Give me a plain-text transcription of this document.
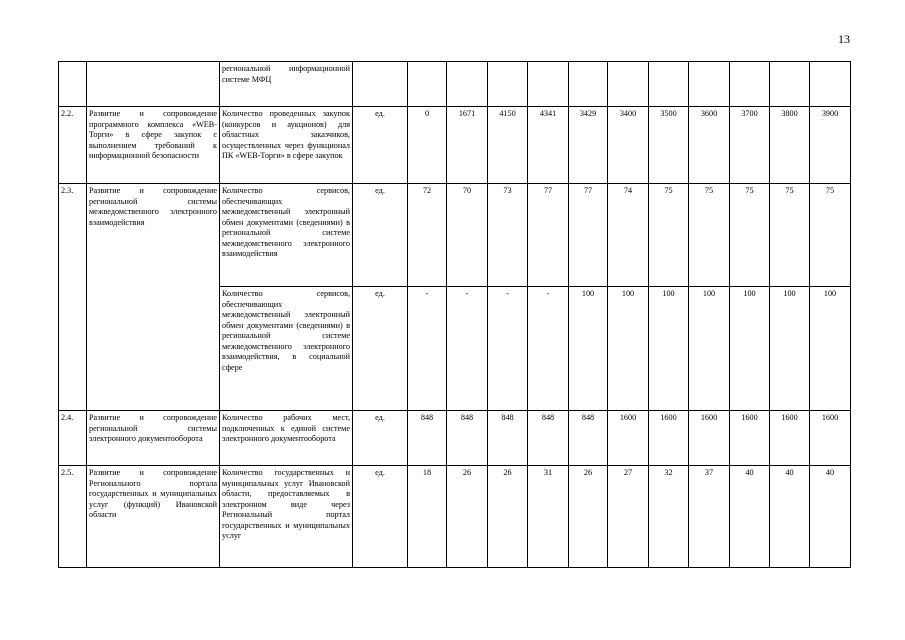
13
		региональной информационной системе МФЦ												
2.2.	Развитие и сопровождение программного комплекса «WEB-Торги» в сфере закупок с выполнением требований к информационной безопасности	Количество проведенных закупок (конкурсов и аукционов) для областных заказчиков, осуществленных через функционал ПК «WEB-Торги» в сфере закупок	ед.	0	1671	4150	4341	3429	3400	3500	3600	3700	3800	3900
2.3.	Развитие и сопровождение региональной системы межведомственного электронного взаимодействия	Количество сервисов, обеспечивающих межведомственный электронный обмен документами (сведениями) в региональной системе межведомственного электронного взаимодействия	ед.	72	70	73	77	77	74	75	75	75	75	75
		Количество сервисов, обеспечивающих межведомственный электронный обмен документами (сведениями) в региональной системе межведомственного электронного взаимодействия, в социальной сфере	ед.	-	-	-	-	100	100	100	100	100	100	100
2.4.	Развитие и сопровождение региональной системы электронного документооборота	Количество рабочих мест, подключенных к единой системе электронного документооборота	ед.	848	848	848	848	848	1600	1600	1600	1600	1600	1600
2.5.	Развитие и сопровождение Регионального портала государственных и муниципальных услуг (функций) Ивановской области	Количество государственных и муниципальных услуг Ивановской области, предоставляемых в электронном виде через Региональный портал государственных и муниципальных услуг	ед.	18	26	26	31	26	27	32	37	40	40	40
